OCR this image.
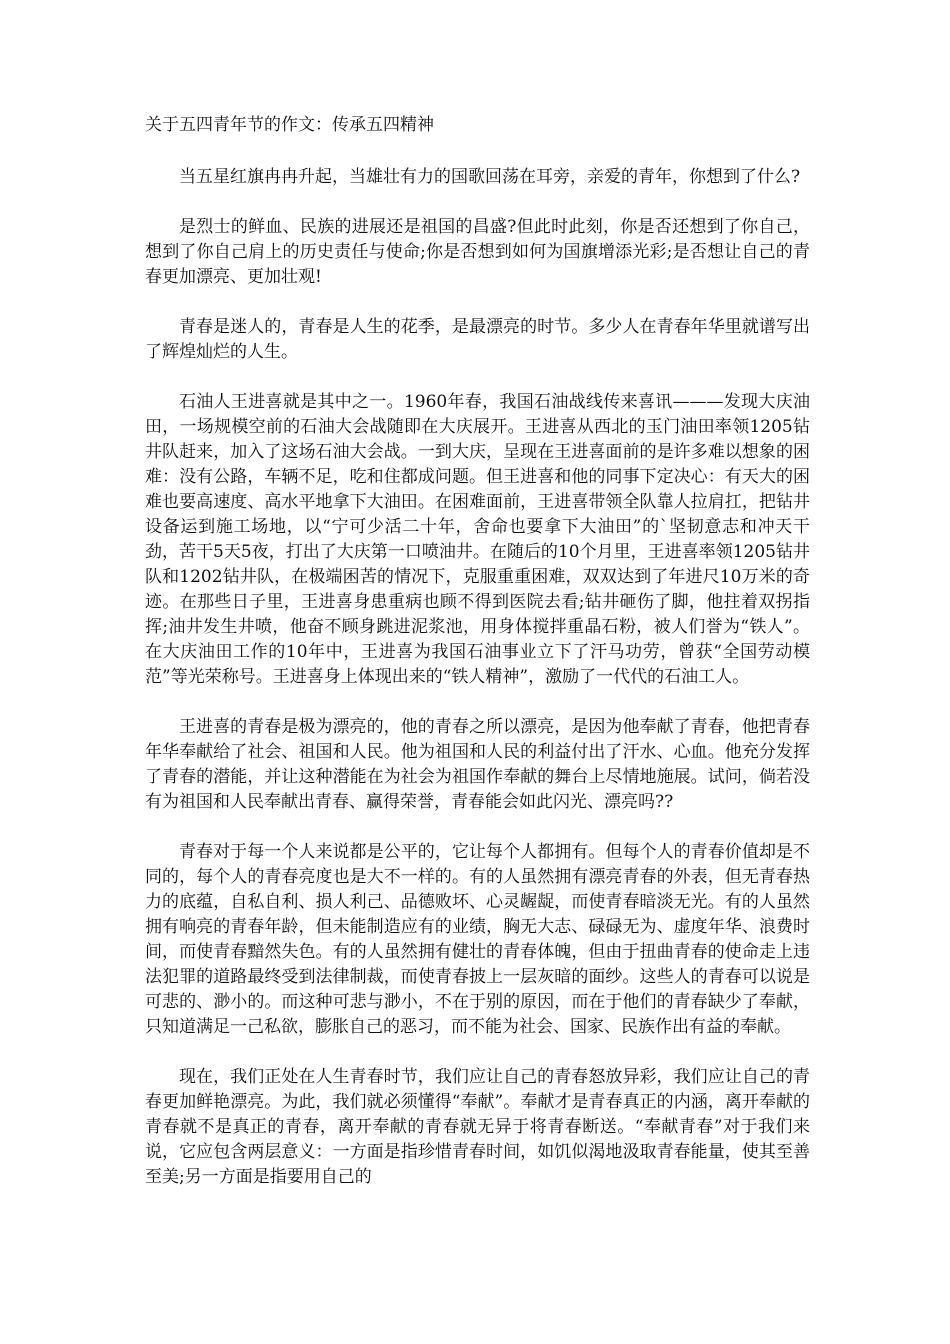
关于五四青年节的作文：传承五四精神

当五星红旗冉冉升起，当雄壮有力的国歌回荡在耳旁，亲爱的青年，你想到了什么?

是烈士的鲜血、民族的进展还是祖国的昌盛?但此时此刻，你是否还想到了你自己，想到了你自己肩上的历史责任与使命;你是否想到如何为国旗增添光彩;是否想让自己的青春更加漂亮、更加壮观!

青春是迷人的，青春是人生的花季，是最漂亮的时节。多少人在青春年华里就谱写出了辉煌灿烂的人生。

石油人王进喜就是其中之一。1960年春，我国石油战线传来喜讯———发现大庆油田，一场规模空前的石油大会战随即在大庆展开。王进喜从西北的玉门油田率领1205钻井队赶来，加入了这场石油大会战。一到大庆，呈现在王进喜面前的是许多难以想象的困难：没有公路，车辆不足，吃和住都成问题。但王进喜和他的同事下定决心：有天大的困难也要高速度、高水平地拿下大油田。在困难面前，王进喜带领全队靠人拉肩扛，把钻井设备运到施工场地，以“宁可少活二十年，舍命也要拿下大油田”的`坚韧意志和冲天干劲，苦干5天5夜，打出了大庆第一口喷油井。在随后的10个月里，王进喜率领1205钻井队和1202钻井队，在极端困苦的情况下，克服重重困难，双双达到了年进尺10万米的奇迹。在那些日子里，王进喜身患重病也顾不得到医院去看;钻井砸伤了脚，他拄着双拐指挥;油井发生井喷，他奋不顾身跳进泥浆池，用身体搅拌重晶石粉，被人们誉为“铁人”。在大庆油田工作的10年中，王进喜为我国石油事业立下了汗马功劳，曾获“全国劳动模范”等光荣称号。王进喜身上体现出来的“铁人精神”，激励了一代代的石油工人。

王进喜的青春是极为漂亮的，他的青春之所以漂亮，是因为他奉献了青春，他把青春年华奉献给了社会、祖国和人民。他为祖国和人民的利益付出了汗水、心血。他充分发挥了青春的潜能，并让这种潜能在为社会为祖国作奉献的舞台上尽情地施展。试问，倘若没有为祖国和人民奉献出青春、赢得荣誉，青春能会如此闪光、漂亮吗??

青春对于每一个人来说都是公平的，它让每个人都拥有。但每个人的青春价值却是不同的，每个人的青春亮度也是大不一样的。有的人虽然拥有漂亮青春的外表，但无青春热力的底蕴，自私自利、损人利己、品德败坏、心灵龌龊，而使青春暗淡无光。有的人虽然拥有响亮的青春年龄，但未能制造应有的业绩，胸无大志、碌碌无为、虚度年华、浪费时间，而使青春黯然失色。有的人虽然拥有健壮的青春体魄，但由于扭曲青春的使命走上违法犯罪的道路最终受到法律制裁，而使青春披上一层灰暗的面纱。这些人的青春可以说是可悲的、渺小的。而这种可悲与渺小，不在于别的原因，而在于他们的青春缺少了奉献，只知道满足一己私欲，膨胀自己的恶习，而不能为社会、国家、民族作出有益的奉献。

现在，我们正处在人生青春时节，我们应让自己的青春怒放异彩，我们应让自己的青春更加鲜艳漂亮。为此，我们就必须懂得“奉献”。奉献才是青春真正的内涵，离开奉献的青春就不是真正的青春，离开奉献的青春就无异于将青春断送。“奉献青春”对于我们来说，它应包含两层意义：一方面是指珍惜青春时间，如饥似渴地汲取青春能量，使其至善至美;另一方面是指要用自己的
